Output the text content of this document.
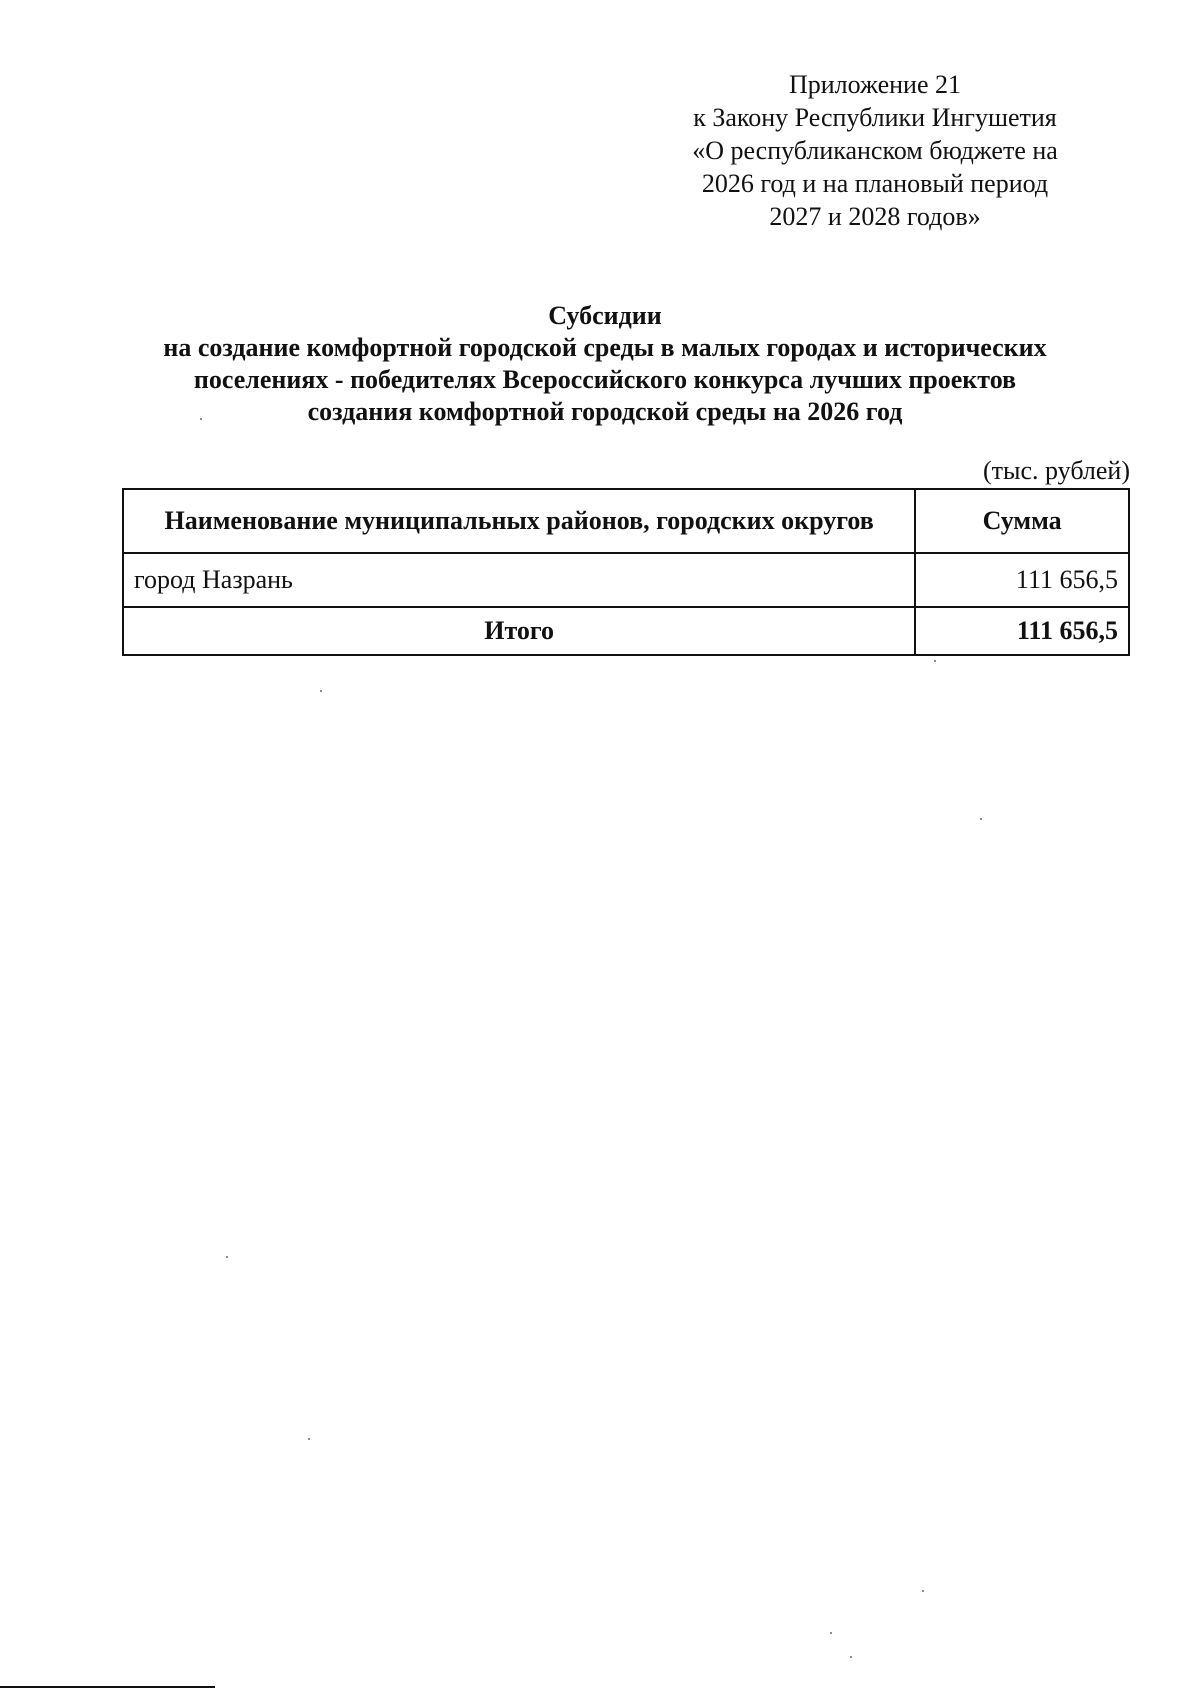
Приложение 21
к Закону Республики Ингушетия
«О республиканском бюджете на
2026 год и на плановый период
2027 и 2028 годов»
Субсидии
на создание комфортной городской среды в малых городах и исторических
поселениях - победителях Всероссийского конкурса лучших проектов
создания комфортной городской среды на 2026 год
(тыс. рублей)
Наименование муниципальных районов, городских округов	Сумма
город Назрань	111 656,5
Итого	111 656,5
